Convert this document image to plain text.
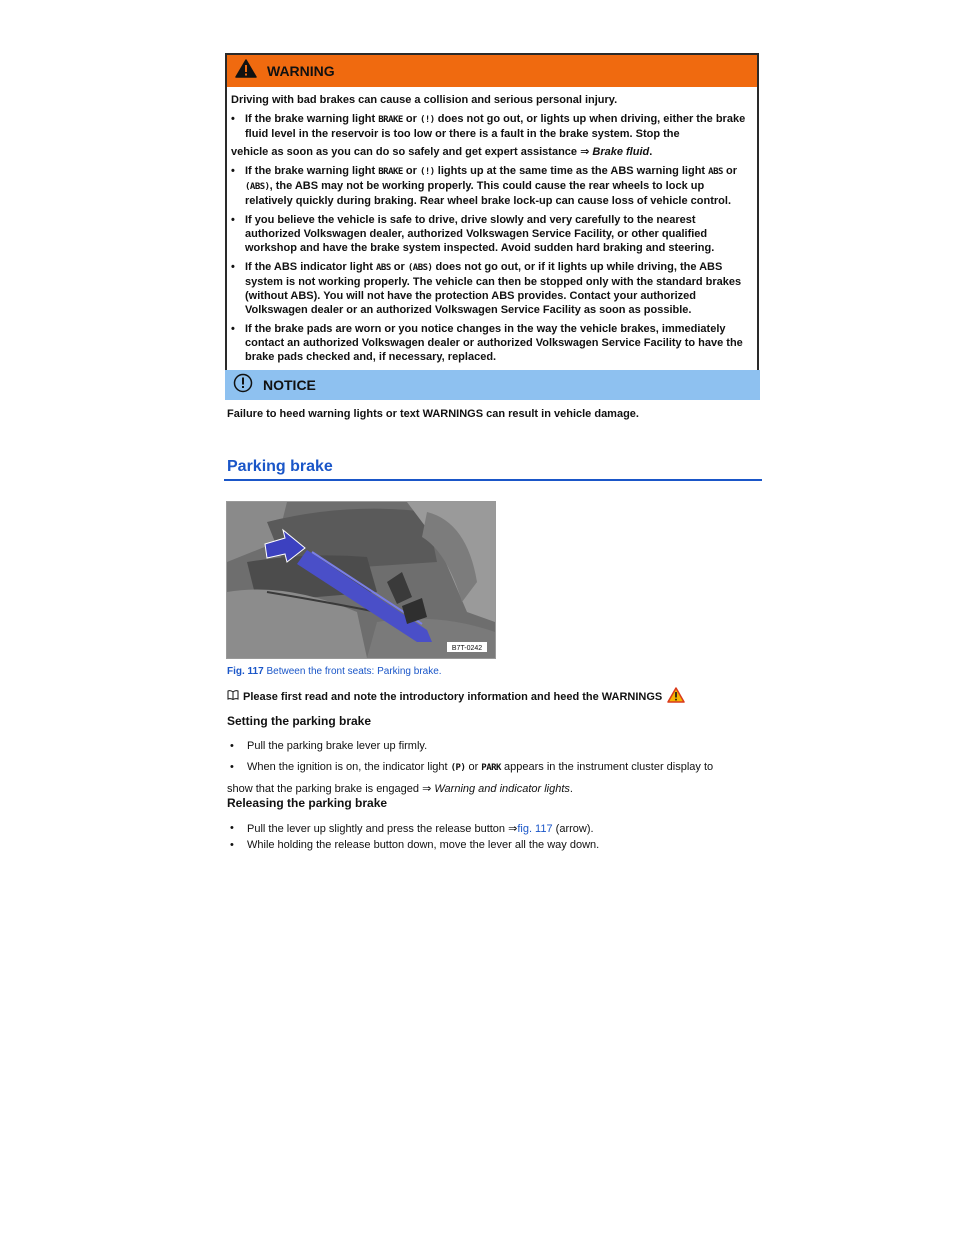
WARNING

Driving with bad brakes can cause a collision and serious personal injury.

• If the brake warning light BRAKE or (!) does not go out, or lights up when driving, either the brake fluid level in the reservoir is too low or there is a fault in the brake system. Stop the

vehicle as soon as you can do so safely and get expert assistance ⇒ Brake fluid.

• If the brake warning light BRAKE or (!) lights up at the same time as the ABS warning light ABS or (ABS), the ABS may not be working properly. This could cause the rear wheels to lock up relatively quickly during braking. Rear wheel brake lock-up can cause loss of vehicle control.
• If you believe the vehicle is safe to drive, drive slowly and very carefully to the nearest authorized Volkswagen dealer, authorized Volkswagen Service Facility, or other qualified workshop and have the brake system inspected. Avoid sudden hard braking and steering.
• If the ABS indicator light ABS or (ABS) does not go out, or if it lights up while driving, the ABS system is not working properly. The vehicle can then be stopped only with the standard brakes (without ABS). You will not have the protection ABS provides. Contact your authorized Volkswagen dealer or an authorized Volkswagen Service Facility as soon as possible.
• If the brake pads are worn or you notice changes in the way the vehicle brakes, immediately contact an authorized Volkswagen dealer or authorized Volkswagen Service Facility to have the brake pads checked and, if necessary, replaced.
NOTICE
Failure to heed warning lights or text WARNINGS can result in vehicle damage.
Parking brake
B7T-0242
Fig. 117 Between the front seats: Parking brake.
Please first read and note the introductory information and heed the WARNINGS
Setting the parking brake
•	Pull the parking brake lever up firmly.
•	When the ignition is on, the indicator light (P) or PARK appears in the instrument cluster display to
show that the parking brake is engaged ⇒ Warning and indicator lights.
Releasing the parking brake
•	Pull the lever up slightly and press the release button ⇒fig. 117 (arrow).
•	While holding the release button down, move the lever all the way down.
